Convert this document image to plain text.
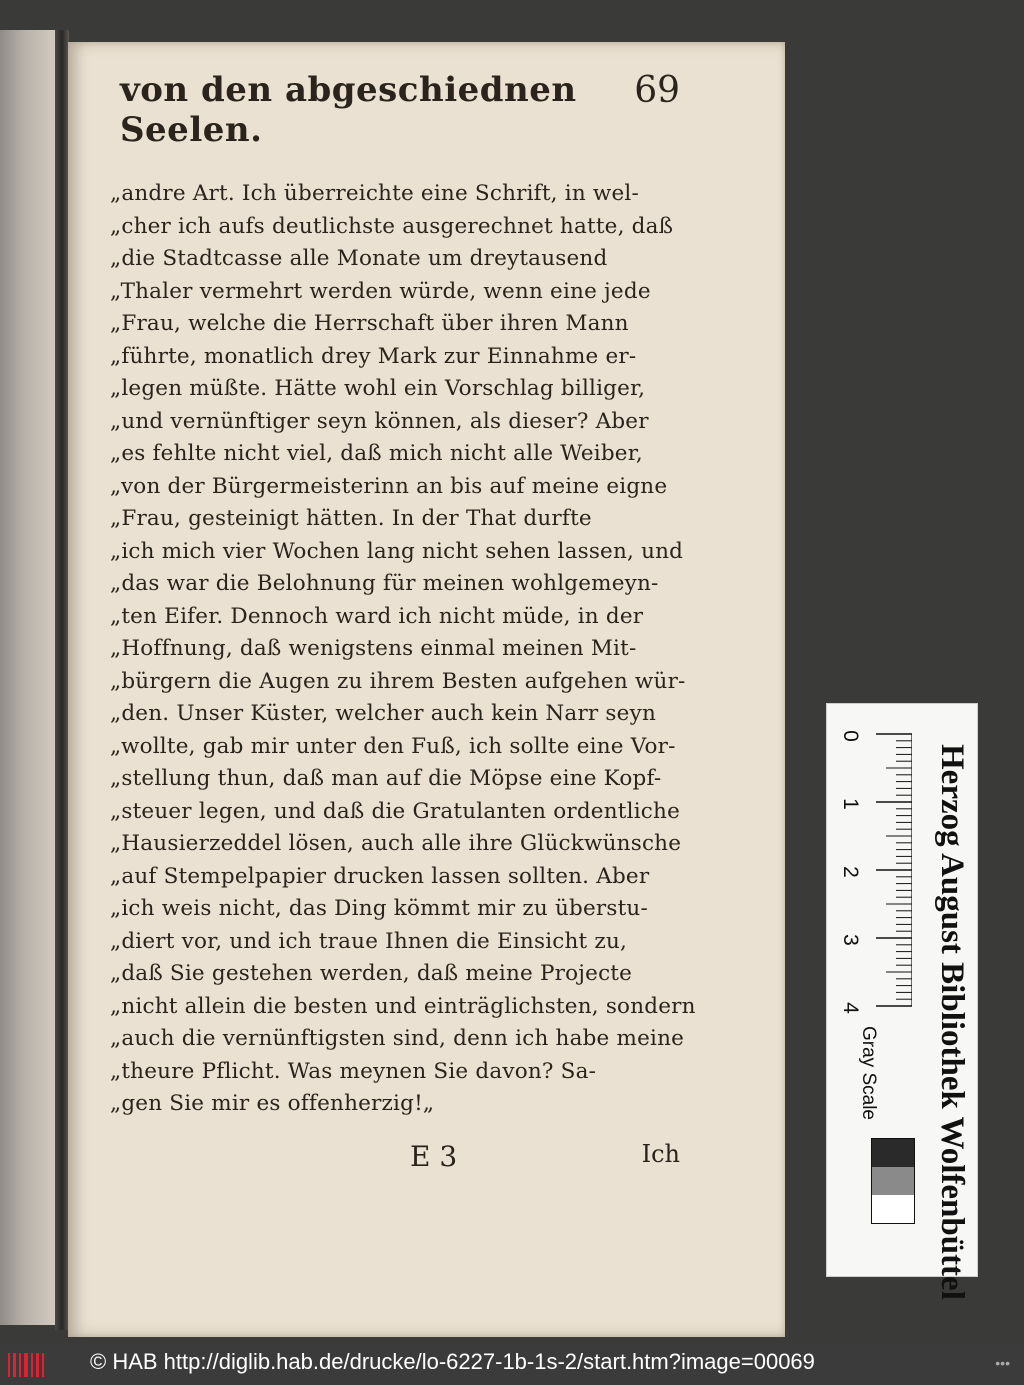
von den abgeschiednen Seelen.
69
„andre Art. Ich überreichte eine Schrift, in wel-
„cher ich aufs deutlichste ausgerechnet hatte, daß
„die Stadtcasse alle Monate um dreytausend
„Thaler vermehrt werden würde, wenn eine jede
„Frau, welche die Herrschaft über ihren Mann
„führte, monatlich drey Mark zur Einnahme er-
„legen müßte. Hätte wohl ein Vorschlag billiger,
„und vernünftiger seyn können, als dieser? Aber
„es fehlte nicht viel, daß mich nicht alle Weiber,
„von der Bürgermeisterinn an bis auf meine eigne
„Frau, gesteinigt hätten. In der That durfte
„ich mich vier Wochen lang nicht sehen lassen, und
„das war die Belohnung für meinen wohlgemeyn-
„ten Eifer. Dennoch ward ich nicht müde, in der
„Hoffnung, daß wenigstens einmal meinen Mit-
„bürgern die Augen zu ihrem Besten aufgehen wür-
„den. Unser Küster, welcher auch kein Narr seyn
„wollte, gab mir unter den Fuß, ich sollte eine Vor-
„stellung thun, daß man auf die Möpse eine Kopf-
„steuer legen, und daß die Gratulanten ordentliche
„Hausierzeddel lösen, auch alle ihre Glückwünsche
„auf Stempelpapier drucken lassen sollten. Aber
„ich weis nicht, das Ding kömmt mir zu überstu-
„diert vor, und ich traue Ihnen die Einsicht zu,
„daß Sie gestehen werden, daß meine Projecte
„nicht allein die besten und einträglichsten, sondern
„auch die vernünftigsten sind, denn ich habe meine
„theure Pflicht. Was meynen Sie davon? Sa-
„gen Sie mir es offenherzig!„
E 3	Ich
0
1
2
3
4	Herzog August Bibliothek Wolfenbüttel
Gray Scale
© HAB http://diglib.hab.de/drucke/lo-6227-1b-1s-2/start.htm?image=00069	•••
